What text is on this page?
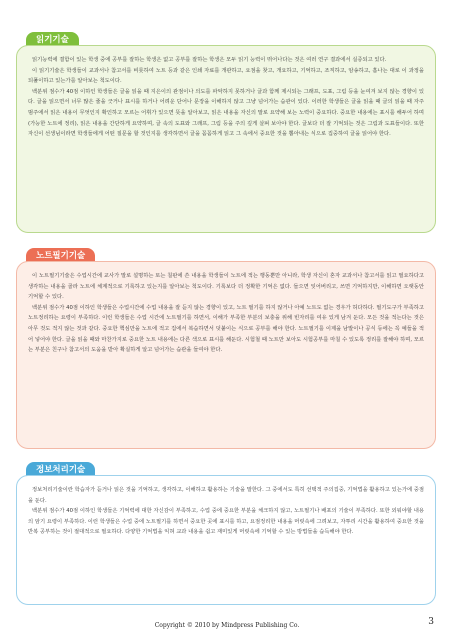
읽기기술

읽기능력에 결함이 있는 학생 중에 공부를 잘하는 학생은 없고 공부를 잘하는 학생은 모두 읽기 능력이 뛰어나다는 것은 여러 연구 결과에서 실증되고 있다.

이 읽기기술은 학생들이 교과서나 참고서를 비롯하여 노트 등과 같은 인쇄 자료를 개관하고, 요점을 찾고, 개요하고, 기억하고, 조직하고, 암송하고, 흡나는 대로 이 과정을 되풀이하고 있는가를 알아보는 척도이다.

백분위 점수가 40점 이하인 학생들은 글을 읽을 때 지은이의 관점이나 의도를 파악하지 못하거나 글과 함께 제시되는 그래프, 도표, 그림 등을 눈여겨 보지 않는 경향이 있다. 글을 읽으면서 너무 많은 줄을 긋거나 표시를 하거나 어려운 단어나 문장을 이해하지 않고 그냥 넘어가는 습관이 있다. 이러한 학생들은 글을 읽을 때 글의 읽을 때 자주 범주에서 읽은 내용이 무엇인지 확인하고 모르는 어휘가 있으면 뜻을 알아보고, 읽은 내용을 자신의 말로 요약해 보는 노력이 중요하다. 중요한 내용에는 표시를 해두어 하며(가능한 노트에 정리), 읽은 내용을 간단하게 요약하며, 글 속의 도표와 그래프, 그림 등을 주의 깊게 살펴 보아야 한다. 글보다 더 잘 기억되는 것은 그림과 도표들이다. 또한 자신이 선생님이라면 학생들에게 어떤 질문을 할 것인지를 생각하면서 글을 꼼꼼하게 읽고 그 속에서 중요한 것을 뽑아내는 식으로 집중하여 글을 읽어야 한다.

노트필기기술

이 노트필기기술은 수업시간에 교사가 말로 설명하는 또는 칠판에 쓴 내용을 학생들이 노트에 적는 행동뿐만 아니라, 학생 자신이 혼자 교과서나 참고서를 읽고 필요하다고 생각하는 내용을 골라 노트에 체계적으로 기록하고 있는지를 알아보는 척도이다. 기록보다 더 정확한 기억은 없다. 들으면 잊어버리고, 쓰면 기억하지만, 이해하면 오랫동안 기억할 수 있다.

백분위 점수가 40점 이하인 학생들은 수업시간에 수업 내용을 잘 듣지 않는 경향이 있고, 노트 필기를 하지 않거나 아예 노트도 없는 경우가 허다하다. 필기도구가 부족하고 노트정리하는 요령이 부족하다. 이런 학생들은 수업 시간에 노트필기를 하면서, 이해가 부족한 부분의 보충을 위해 빈자리를 여유 있게 남겨 둔다. 모든 것을 적는다는 것은 아무 것도 적지 않는 것과 같다. 중요한 핵심만을 노트에 적고 집에서 복습하면서 덧붙이는 식으로 공부를 해야 한다. 노트필기를 이제을 남발이나 공식 등에는 꼭 예들을 적어 넣어야 한다. 글을 읽을 때와 마찬가지로 중요한 노트 내용에는 다른 색으로 표시를 해둔다. 시험철 때 노트만 보아도 시험공부를 마칠 수 있도록 정리를 잘해야 하며, 모르는 부분은 친구나 참고서의 도움을 받아 확실하게 알고 넘어가는 습관을 들여야 한다.

정보처리기술

정보처리기술이란 학습자가 듣거나 읽은 것을 기억하고, 생각하고, 이해하고 활용하는 기술을 말한다. 그 중에서도 특히 선택적 주의집중, 기억법을 활용하고 있는가에 중점을 둔다.

백분위 점수가 40점 이하인 학생들은 기억력에 대한 자신감이 부족하고, 수업 중에 중요한 부분을 체크하지 않고, 노트필기나 배포의 기술이 부족하다. 또한 외워야할 내용의 암기 요령이 부족하다. 이런 학생들은 수업 중에 노트필기를 하면서 중요한 곳에 표시를 하고, 요점정리한 내용을 머릿속에 그려보고, 자투리 시간을 활용하여 중요한 것을 반복 공부하는 것이 절대적으로 필요하다. 다양한 기억법을 익혀 교과 내용을 쉽고 재미있게 머릿속에 기억할 수 있는 방법들을 습득해야 한다.

Copyright © 2010 by Mindpress Publishing Co.	3
